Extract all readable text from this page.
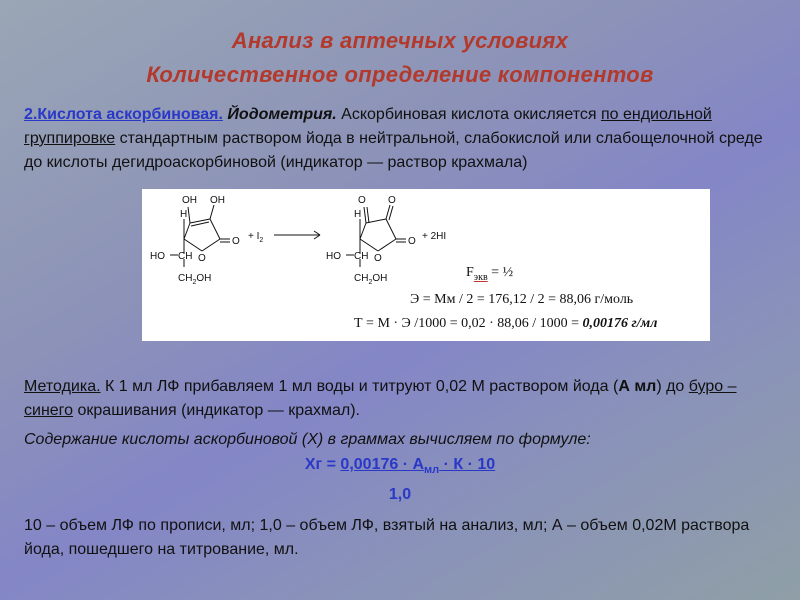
Анализ в аптечных условиях
Количественное определение компонентов
2.Кислота аскорбиновая. Йодометрия. Аскорбиновая кислота окисляется по ендиольной группировке стандартным раствором йода в нейтральной, слабокислой или слабощелочной среде до кислоты дегидроаскорбиновой (индикатор — раствор крахмала)
OH OH
H
O
O
HO CH
$CH_2OH$
+ $I_2$
O O
H
O
O
HO CH
$CH_2OH$
+ 2HI
$F_{экв}$ = ½
Э = Мм / 2 = 176,12 / 2 = 88,06 г/моль
Т = М · Э /1000 = 0,02 · 88,06 / 1000 = 0,00176 г/мл
Методика. К 1 мл ЛФ прибавляем 1 мл воды и титруют 0,02 М раствором йода (А мл) до буро – синего окрашивания (индикатор — крахмал).
Содержание кислоты аскорбиновой (Х) в граммах вычисляем по формуле:
Хг = $0,00176 \cdot А_{мл} \cdot К \cdot 10$
1,0
10 – объем ЛФ по прописи, мл; 1,0 – объем ЛФ, взятый на анализ, мл; А – объем 0,02М раствора йода, пошедшего на титрование, мл.
